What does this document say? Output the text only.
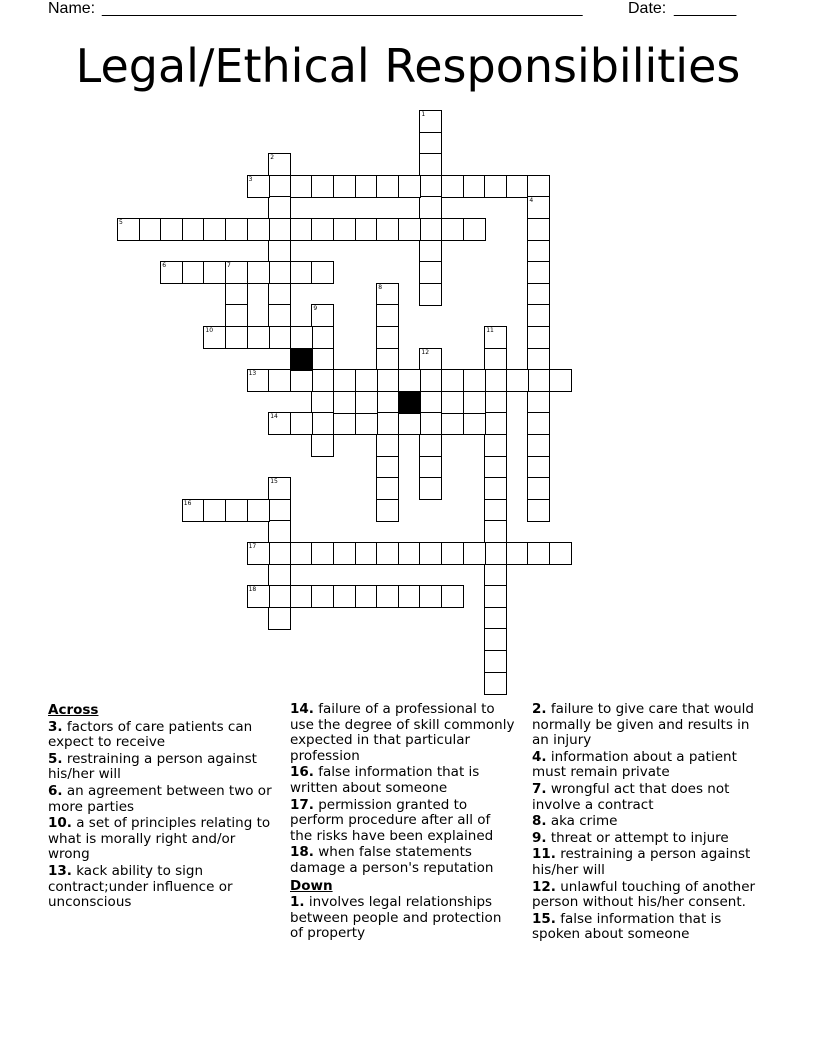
Name: ______________________________________________________	Date: _______
Legal/Ethical Responsibilities
1
2
3
4
5
6	7
8
9
10	11
12
13
14
15
16
17
18
Across
3. factors of care patients can expect to receive
5. restraining a person against his/her will
6. an agreement between two or more parties
10. a set of principles relating to what is morally right and/or wrong
13. kack ability to sign contract;under influence or unconscious
14. failure of a professional to use the degree of skill commonly expected in that particular profession
16. false information that is written about someone
17. permission granted to perform procedure after all of the risks have been explained
18. when false statements damage a person's reputation
Down
1. involves legal relationships between people and protection of property
2. failure to give care that would normally be given and results in an injury
4. information about a patient must remain private
7. wrongful act that does not involve a contract
8. aka crime
9. threat or attempt to injure
11. restraining a person against his/her will
12. unlawful touching of another person without his/her consent.
15. false information that is spoken about someone
